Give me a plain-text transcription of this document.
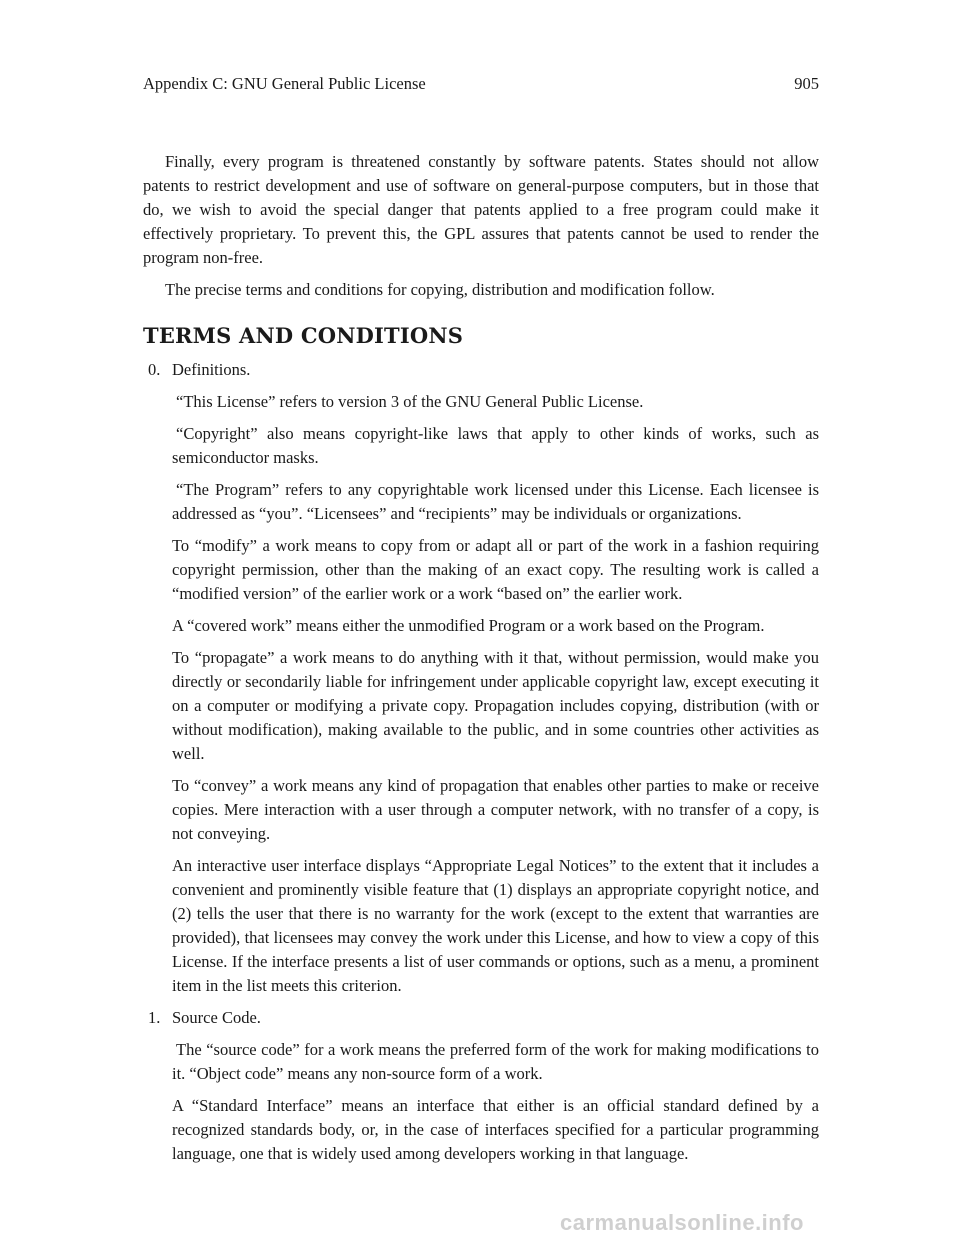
Appendix C: GNU General Public License	905

Finally, every program is threatened constantly by software patents. States should not allow patents to restrict development and use of software on general-purpose computers, but in those that do, we wish to avoid the special danger that patents applied to a free program could make it effectively proprietary. To prevent this, the GPL assures that patents cannot be used to render the program non-free.

The precise terms and conditions for copying, distribution and modification follow.

TERMS AND CONDITIONS
0. Definitions.

“This License” refers to version 3 of the GNU General Public License.

“Copyright” also means copyright-like laws that apply to other kinds of works, such as semiconductor masks.

“The Program” refers to any copyrightable work licensed under this License. Each licensee is addressed as “you”. “Licensees” and “recipients” may be individuals or organizations.

To “modify” a work means to copy from or adapt all or part of the work in a fashion requiring copyright permission, other than the making of an exact copy. The resulting work is called a “modified version” of the earlier work or a work “based on” the earlier work.

A “covered work” means either the unmodified Program or a work based on the Program.

To “propagate” a work means to do anything with it that, without permission, would make you directly or secondarily liable for infringement under applicable copyright law, except executing it on a computer or modifying a private copy. Propagation includes copying, distribution (with or without modification), making available to the public, and in some countries other activities as well.

To “convey” a work means any kind of propagation that enables other parties to make or receive copies. Mere interaction with a user through a computer network, with no transfer of a copy, is not conveying.

An interactive user interface displays “Appropriate Legal Notices” to the extent that it includes a convenient and prominently visible feature that (1) displays an appropriate copyright notice, and (2) tells the user that there is no warranty for the work (except to the extent that warranties are provided), that licensees may convey the work under this License, and how to view a copy of this License. If the interface presents a list of user commands or options, such as a menu, a prominent item in the list meets this criterion.

1. Source Code.

The “source code” for a work means the preferred form of the work for making modifications to it. “Object code” means any non-source form of a work.

A “Standard Interface” means an interface that either is an official standard defined by a recognized standards body, or, in the case of interfaces specified for a particular programming language, one that is widely used among developers working in that language.

carmanualsonline.info
